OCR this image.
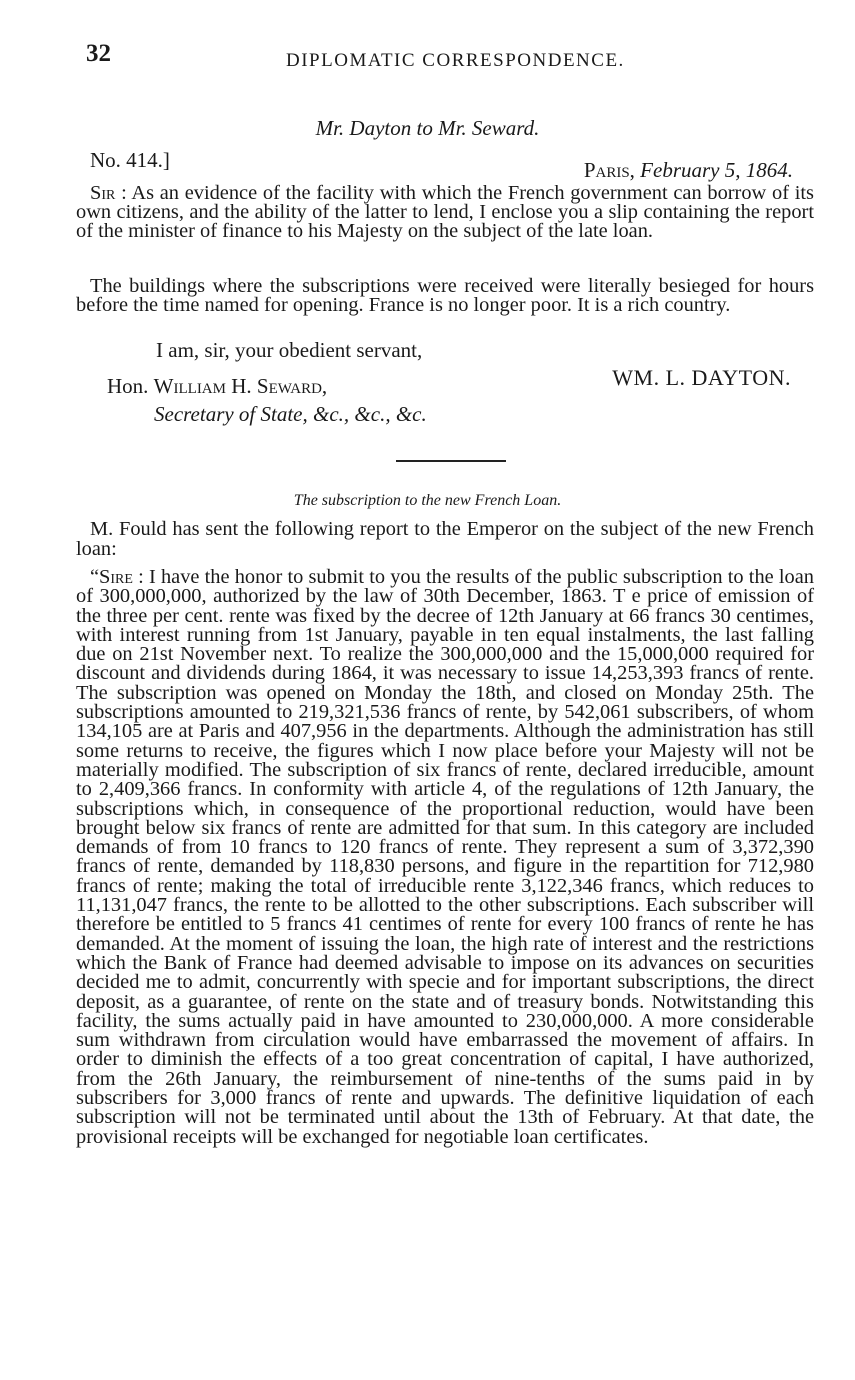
32	DIPLOMATIC CORRESPONDENCE.
Mr. Dayton to Mr. Seward.
No. 414.]	Paris, February 5, 1864.
Sir : As an evidence of the facility with which the French government can borrow of its own citizens, and the ability of the latter to lend, I enclose you a slip containing the report of the minister of finance to his Majesty on the subject of the late loan.
The buildings where the subscriptions were received were literally besieged for hours before the time named for opening. France is no longer poor. It is a rich country.
I am, sir, your obedient servant,
WM. L. DAYTON.
Hon. William H. Seward,
Secretary of State, &c., &c., &c.
The subscription to the new French Loan.
M. Fould has sent the following report to the Emperor on the subject of the new French loan:
“Sire : I have the honor to submit to you the results of the public subscription to the loan of 300,000,000, authorized by the law of 30th December, 1863. T e price of emission of the three per cent. rente was fixed by the decree of 12th January at 66 francs 30 centimes, with interest running from 1st January, payable in ten equal instalments, the last falling due on 21st November next. To realize the 300,000,000 and the 15,000,000 required for discount and dividends during 1864, it was necessary to issue 14,253,393 francs of rente. The subscription was opened on Monday the 18th, and closed on Monday 25th. The subscriptions amounted to 219,321,536 francs of rente, by 542,061 subscribers, of whom 134,105 are at Paris and 407,956 in the departments. Although the administration has still some returns to receive, the figures which I now place before your Majesty will not be materially modified. The subscription of six francs of rente, declared irreducible, amount to 2,409,366 francs. In conformity with article 4, of the regulations of 12th January, the subscriptions which, in consequence of the proportional reduction, would have been brought below six francs of rente are admitted for that sum. In this category are included demands of from 10 francs to 120 francs of rente. They represent a sum of 3,372,390 francs of rente, demanded by 118,830 persons, and figure in the repartition for 712,980 francs of rente; making the total of irreducible rente 3,122,346 francs, which reduces to 11,131,047 francs, the rente to be allotted to the other subscriptions. Each subscriber will therefore be entitled to 5 francs 41 centimes of rente for every 100 francs of rente he has demanded. At the moment of issuing the loan, the high rate of interest and the restrictions which the Bank of France had deemed advisable to impose on its advances on securities decided me to admit, concurrently with specie and for important subscriptions, the direct deposit, as a guarantee, of rente on the state and of treasury bonds. Notwitstanding this facility, the sums actually paid in have amounted to 230,000,000. A more considerable sum withdrawn from circulation would have embarrassed the movement of affairs. In order to diminish the effects of a too great concentration of capital, I have authorized, from the 26th January, the reimbursement of nine-tenths of the sums paid in by subscribers for 3,000 francs of rente and upwards. The definitive liquidation of each subscription will not be terminated until about the 13th of February. At that date, the provisional receipts will be exchanged for negotiable loan certificates.
